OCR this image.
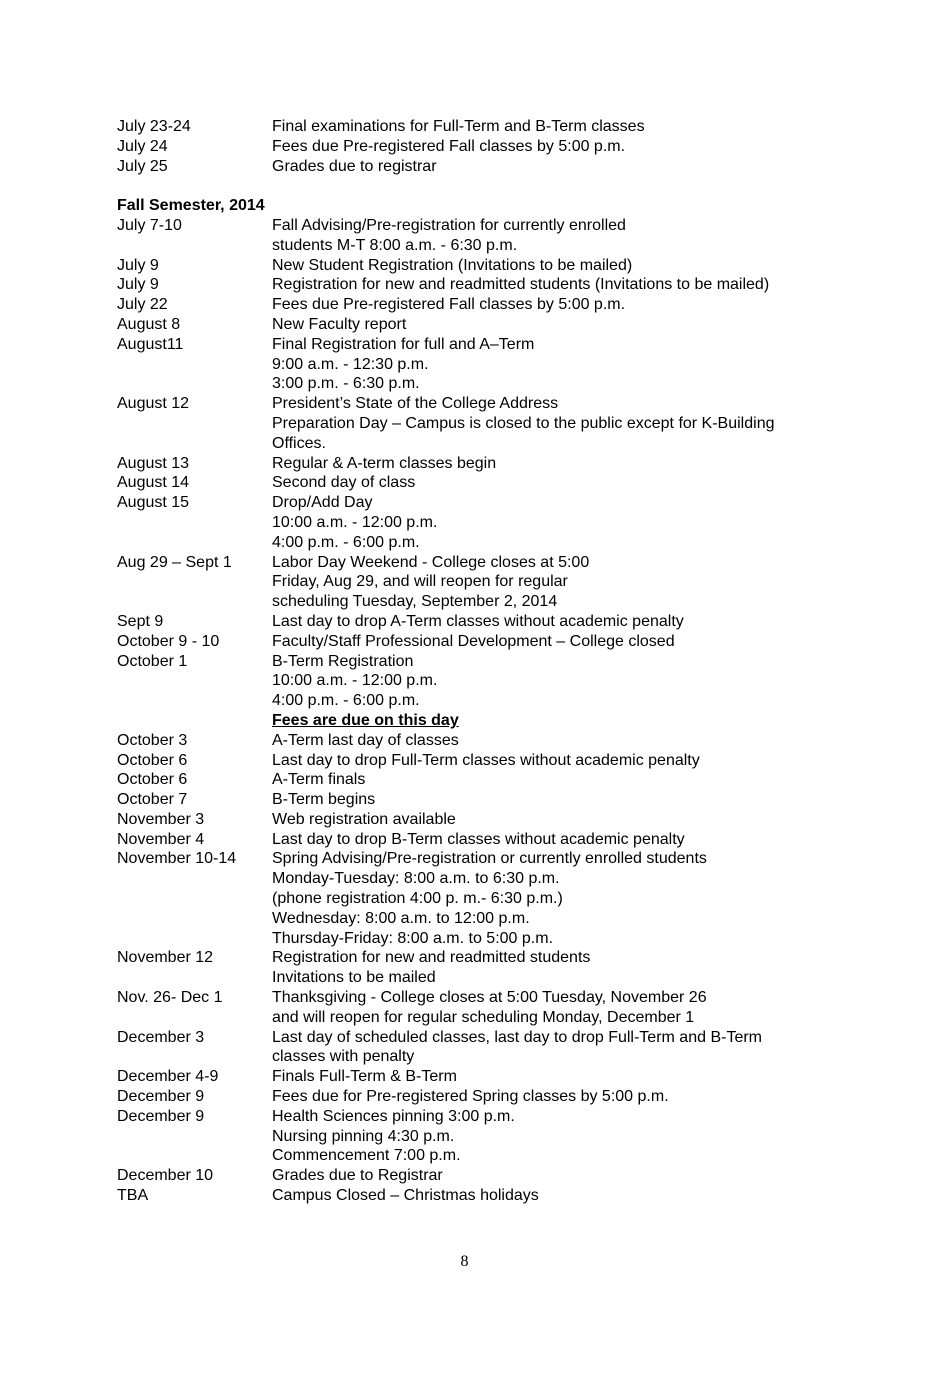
July 23-24	Final examinations for Full-Term and B-Term classes
July 24	Fees due Pre-registered Fall classes by 5:00 p.m.
July 25	Grades due to registrar
Fall Semester, 2014
July 7-10	Fall Advising/Pre-registration for currently enrolled
students M-T 8:00 a.m. - 6:30 p.m.
July 9	New Student Registration (Invitations to be mailed)
July 9	Registration for new and readmitted students (Invitations to be mailed)
July 22	Fees due Pre-registered Fall classes by 5:00 p.m.
August 8	New Faculty report
August11	Final Registration for full and A–Term
9:00 a.m. - 12:30 p.m.
3:00 p.m. - 6:30 p.m.
August 12	President’s State of the College Address
Preparation Day – Campus is closed to the public except for K-Building
Offices.
August 13	Regular & A-term classes begin
August 14	Second day of class
August 15	Drop/Add Day
10:00 a.m. - 12:00 p.m.
4:00 p.m. - 6:00 p.m.
Aug 29 – Sept 1	Labor Day Weekend - College closes at 5:00
Friday, Aug 29, and will reopen for regular
scheduling Tuesday, September 2, 2014
Sept 9	Last day to drop A-Term classes without academic penalty
October 9 - 10	Faculty/Staff Professional Development – College closed
October 1	B-Term Registration
10:00 a.m. - 12:00 p.m.
4:00 p.m. - 6:00 p.m.
Fees are due on this day
October 3	A-Term last day of classes
October 6	Last day to drop Full-Term classes without academic penalty
October 6	A-Term finals
October 7	B-Term begins
November 3	Web registration available
November 4	Last day to drop B-Term classes without academic penalty
November 10-14	Spring Advising/Pre-registration or currently enrolled students
Monday-Tuesday: 8:00 a.m. to 6:30 p.m.
(phone registration 4:00 p. m.- 6:30 p.m.)
Wednesday: 8:00 a.m. to 12:00 p.m.
Thursday-Friday: 8:00 a.m. to 5:00 p.m.
November 12	Registration for new and readmitted students
Invitations to be mailed
Nov. 26- Dec 1	Thanksgiving - College closes at 5:00 Tuesday, November 26
and will reopen for regular scheduling Monday, December 1
December 3	Last day of scheduled classes, last day to drop Full-Term and B-Term
classes with penalty
December 4-9	Finals Full-Term & B-Term
December 9	Fees due for Pre-registered Spring classes by 5:00 p.m.
December 9	Health Sciences pinning 3:00 p.m.
Nursing pinning 4:30 p.m.
Commencement 7:00 p.m.
December 10	Grades due to Registrar
TBA	Campus Closed – Christmas holidays
8
